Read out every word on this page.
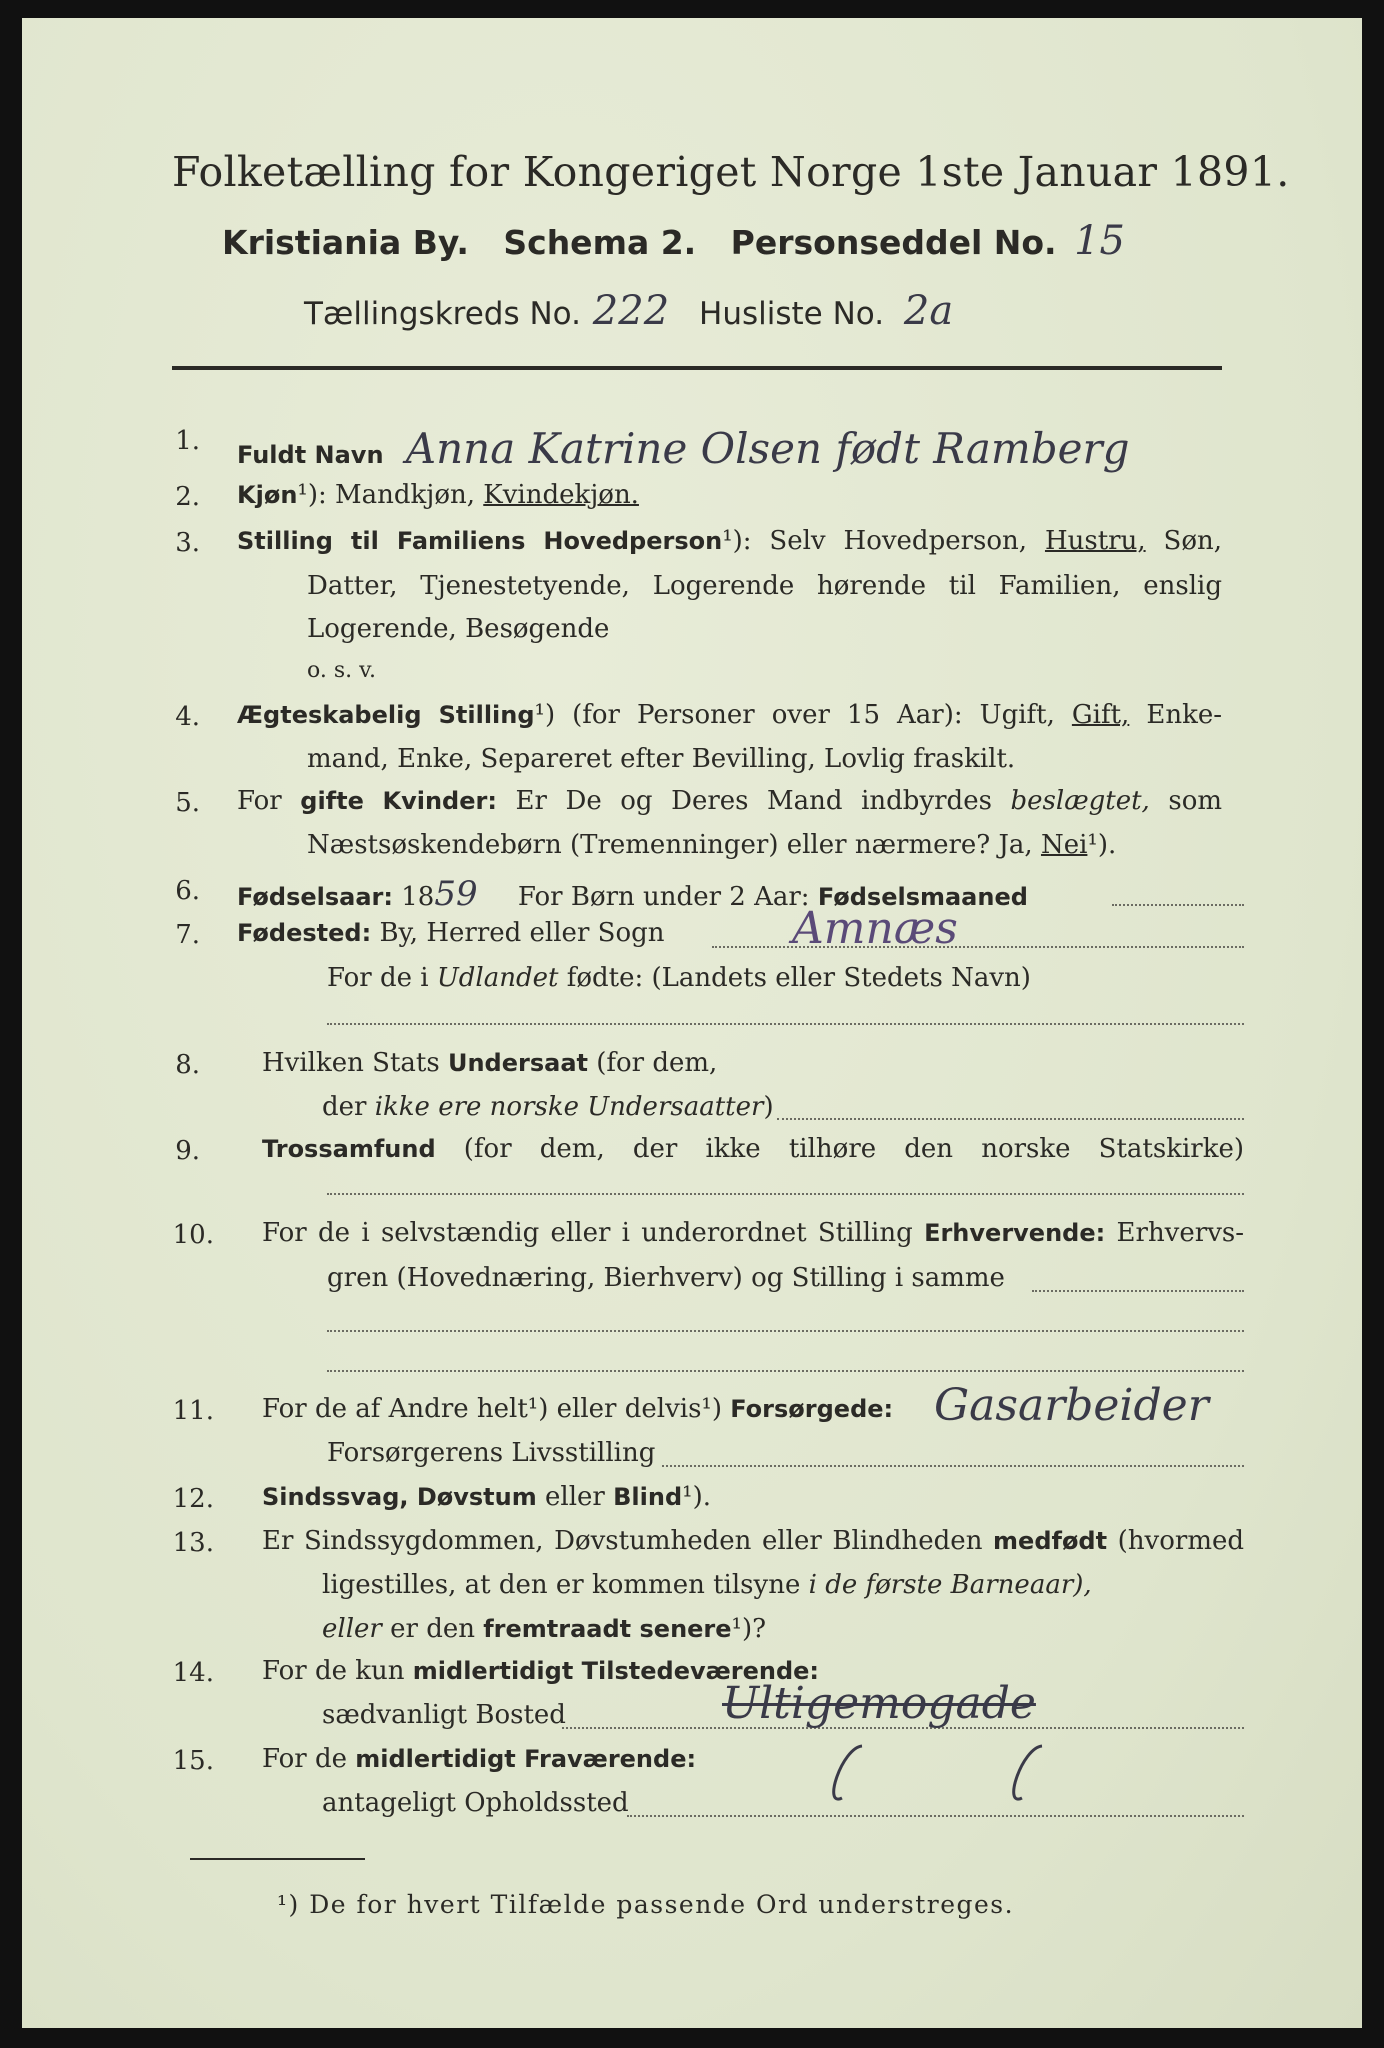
Folketælling for Kongeriget Norge 1ste Januar 1891.
Kristiania By. Schema 2. Personseddel No. 15
Tællingskreds No. 222 Husliste No. 2a
1. Fuldt Navn Anna Katrine Olsen født Ramberg
2. Kjøn¹): Mandkjøn, Kvindekjøn.
3. Stilling til Familiens Hovedperson¹): Selv Hovedperson, Hustru, Søn,
Datter, Tjenestetyende, Logerende hørende til Familien, enslig
Logerende, Besøgende
o. s. v.
4. Ægteskabelig Stilling¹) (for Personer over 15 Aar): Ugift, Gift, Enke-
mand, Enke, Separeret efter Bevilling, Lovlig fraskilt.
5. For gifte Kvinder: Er De og Deres Mand indbyrdes beslægtet, som
Næstsøskendebørn (Tremenninger) eller nærmere? Ja, Nei¹).
6. Fødselsaar: 1859 For Børn under 2 Aar: Fødselsmaaned
7. Fødested: By, Herred eller Sogn	Amnæs
For de i Udlandet fødte: (Landets eller Stedets Navn)
8. Hvilken Stats Undersaat (for dem,
der ikke ere norske Undersaatter)
9.	Trossamfund (for dem, der ikke tilhøre den norske Statskirke)
10. For de i selvstændig eller i underordnet Stilling Erhvervende: Erhvervs-
gren (Hovednæring, Bierhverv) og Stilling i samme
11. For de af Andre helt¹) eller delvis¹) Forsørgede: Gasarbeider
Forsørgerens Livsstilling
12. Sindssvag, Døvstum eller Blind¹).
13. Er Sindssygdommen, Døvstumheden eller Blindheden medfødt (hvormed
ligestilles, at den er kommen tilsyne i de første Barneaar),
eller er den fremtraadt senere¹)?
14. For de kun midlertidigt Tilstedeværende:
sædvanligt Bosted	Ultigemogade
15. For de midlertidigt Fraværende:
antageligt Opholdssted
¹) De for hvert Tilfælde passende Ord understreges.
